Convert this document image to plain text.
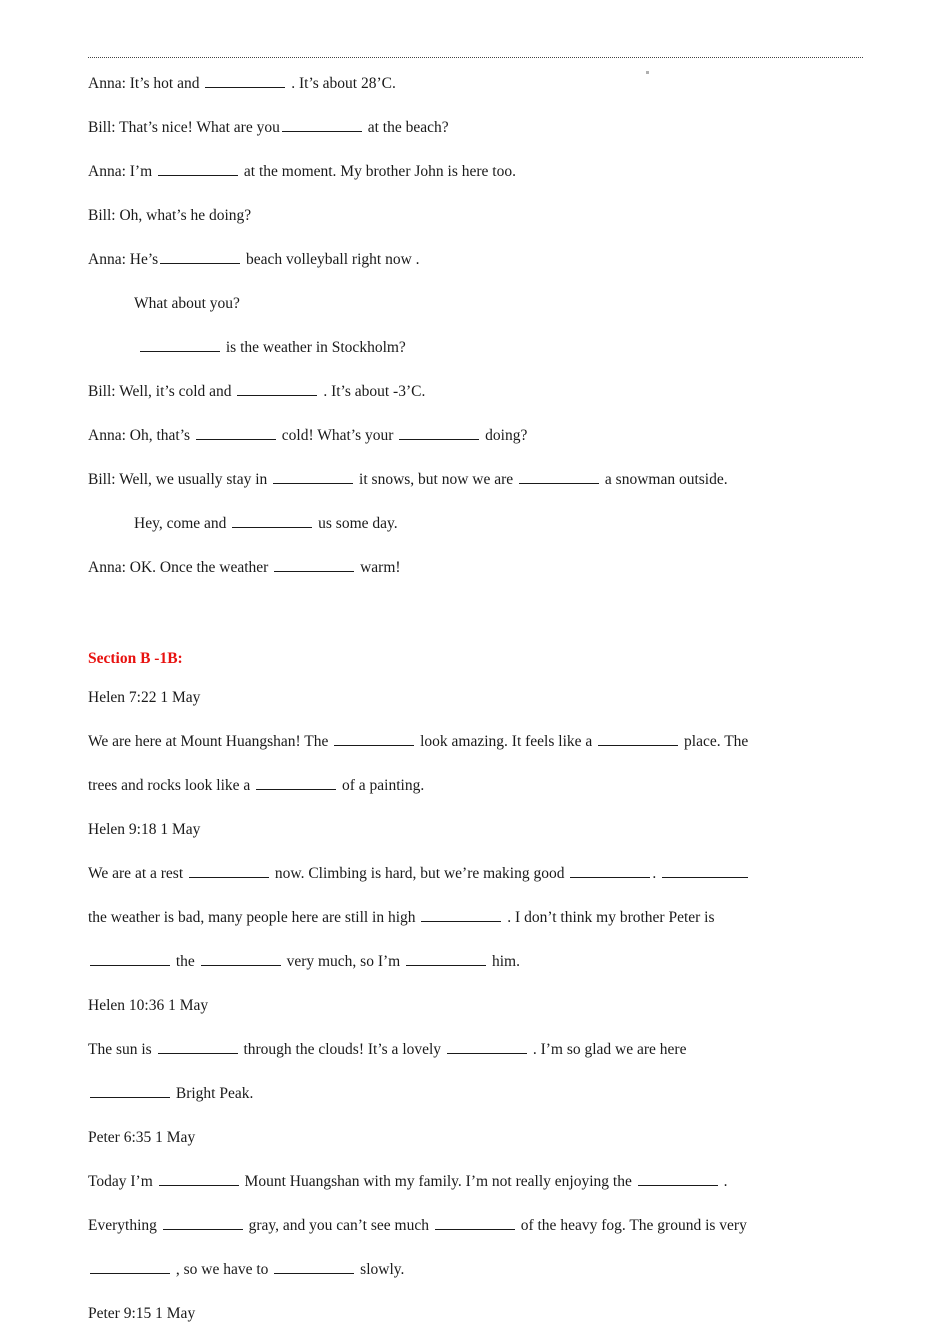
Anna: It’s hot and	. It’s about 28’C.
Bill: That’s nice! What are you	at the beach?
Anna: I’m	at the moment. My brother John is here too.
Bill: Oh, what’s he doing?
Anna: He’s	beach volleyball right now .
What about you?
is the weather in Stockholm?
Bill: Well, it’s cold and	. It’s about -3’C.
Anna: Oh, that’s	cold! What’s your	doing?
Bill: Well, we usually stay in	it snows, but now we are	a snowman outside.
Hey, come and	us some day.
Anna: OK. Once the weather	warm!
Section B -1B:
Helen 7:22 1 May
We are here at Mount Huangshan! The	look amazing. It feels like a	place. The
trees and rocks look like a	of a painting.
Helen 9:18 1 May
We are at a rest	now. Climbing is hard, but we’re making good	.
the weather is bad, many people here are still in high	. I don’t think my brother Peter is
the	very much, so I’m	him.
Helen 10:36 1 May
The sun is	through the clouds! It’s a lovely	. I’m so glad we are here
Bright Peak.
Peter 6:35 1 May
Today I’m	Mount Huangshan with my family. I’m not really enjoying the	.
Everything	gray, and you can’t see much	of the heavy fog. The ground is very
, so we have to	slowly.
Peter 9:15 1 May
